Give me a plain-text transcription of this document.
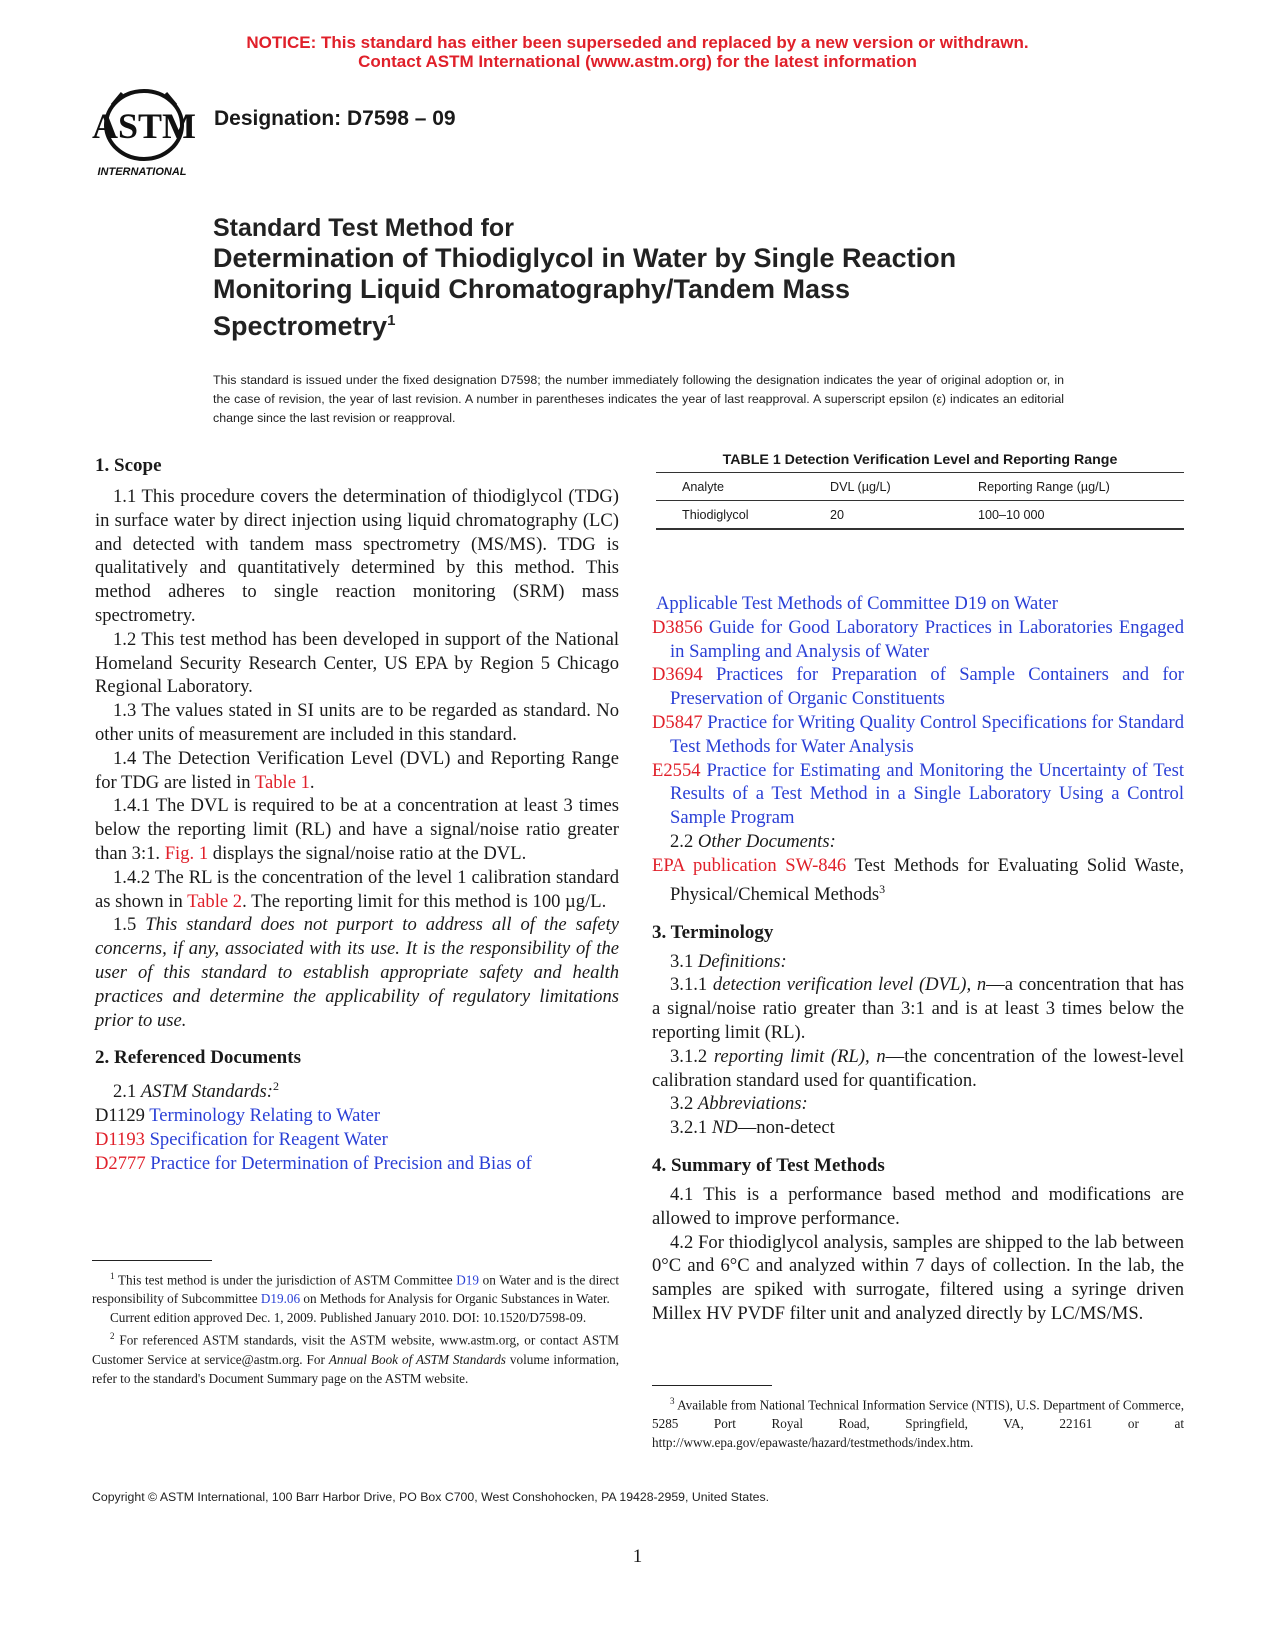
NOTICE: This standard has either been superseded and replaced by a new version or withdrawn.
Contact ASTM International (www.astm.org) for the latest information
ASTM
INTERNATIONAL
Designation: D7598 – 09
Standard Test Method for
Determination of Thiodiglycol in Water by Single Reaction
Monitoring Liquid Chromatography/Tandem Mass
Spectrometry$^1$
This standard is issued under the fixed designation D7598; the number immediately following the designation indicates the year of original adoption or, in the case of revision, the year of last revision. A number in parentheses indicates the year of last reapproval. A superscript epsilon (ε) indicates an editorial change since the last revision or reapproval.
TABLE 1 Detection Verification Level and Reporting Range
Analyte	DVL (µg/L)	Reporting Range (µg/L)
Thiodiglycol	20	100–10 000
1. Scope

1.1 This procedure covers the determination of thiodiglycol (TDG) in surface water by direct injection using liquid chromatography (LC) and detected with tandem mass spectrometry (MS/MS). TDG is qualitatively and quantitatively determined by this method. This method adheres to single reaction monitoring (SRM) mass spectrometry.

1.2 This test method has been developed in support of the National Homeland Security Research Center, US EPA by Region 5 Chicago Regional Laboratory.

1.3 The values stated in SI units are to be regarded as standard. No other units of measurement are included in this standard.

1.4 The Detection Verification Level (DVL) and Reporting Range for TDG are listed in Table 1.

1.4.1 The DVL is required to be at a concentration at least 3 times below the reporting limit (RL) and have a signal/noise ratio greater than 3:1. Fig. 1 displays the signal/noise ratio at the DVL.

1.4.2 The RL is the concentration of the level 1 calibration standard as shown in Table 2. The reporting limit for this method is 100 µg/L.

1.5 This standard does not purport to address all of the safety concerns, if any, associated with its use. It is the responsibility of the user of this standard to establish appropriate safety and health practices and determine the applicability of regulatory limitations prior to use.

2. Referenced Documents

2.1 ASTM Standards:$^2$

D1129 Terminology Relating to Water

D1193 Specification for Reagent Water

D2777 Practice for Determination of Precision and Bias of

$^1$ This test method is under the jurisdiction of ASTM Committee D19 on Water and is the direct responsibility of Subcommittee D19.06 on Methods for Analysis for Organic Substances in Water.

Current edition approved Dec. 1, 2009. Published January 2010. DOI: 10.1520/D7598-09.

$^2$ For referenced ASTM standards, visit the ASTM website, www.astm.org, or contact ASTM Customer Service at service@astm.org. For Annual Book of ASTM Standards volume information, refer to the standard's Document Summary page on the ASTM website.

Applicable Test Methods of Committee D19 on Water

D3856 Guide for Good Laboratory Practices in Laboratories Engaged in Sampling and Analysis of Water

D3694 Practices for Preparation of Sample Containers and for Preservation of Organic Constituents

D5847 Practice for Writing Quality Control Specifications for Standard Test Methods for Water Analysis

E2554 Practice for Estimating and Monitoring the Uncertainty of Test Results of a Test Method in a Single Laboratory Using a Control Sample Program

2.2 Other Documents:

EPA publication SW-846 Test Methods for Evaluating Solid Waste, Physical/Chemical Methods$^3$

3. Terminology

3.1 Definitions:

3.1.1 detection verification level (DVL), n—a concentration that has a signal/noise ratio greater than 3:1 and is at least 3 times below the reporting limit (RL).

3.1.2 reporting limit (RL), n—the concentration of the lowest-level calibration standard used for quantification.

3.2 Abbreviations:

3.2.1 ND—non-detect

4. Summary of Test Methods

4.1 This is a performance based method and modifications are allowed to improve performance.

4.2 For thiodiglycol analysis, samples are shipped to the lab between 0°C and 6°C and analyzed within 7 days of collection. In the lab, the samples are spiked with surrogate, filtered using a syringe driven Millex HV PVDF filter unit and analyzed directly by LC/MS/MS.

$^3$ Available from National Technical Information Service (NTIS), U.S. Department of Commerce, 5285 Port Royal Road, Springfield, VA, 22161 or at http://www.epa.gov/epawaste/hazard/testmethods/index.htm.

Copyright © ASTM International, 100 Barr Harbor Drive, PO Box C700, West Conshohocken, PA 19428-2959, United States.
1
